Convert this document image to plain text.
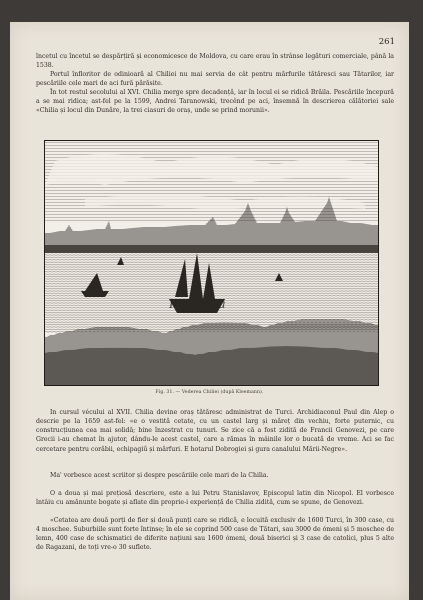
261

încetul cu încetul se despărțiră și economicesce de Moldova, cu care erau în strânse legături comerciale, până la 1538.

Portul înfloritor de odinioară al Chiliei nu mai servia de cât pentru mărfurile tătăresci sau Tătarilor, iar pescăriile cele mari de aci fură părăsite.

În tot restul secolului al XVI. Chilia merge spre decadență, iar în locul ei se ridică Brăila. Pescăriile începură a se mai ridica; ast-fel pe la 1599, Andrei Taranowski, trecênd pe aci, însemnă în descrierea călătoriei sale «Chilia și locul din Dunăre, la trei ciasuri de oraș, unde se prind morunii».

Kilianova
Fig. 31. — Vederea Chiliei (după Kleemann).

In cursul vécului al XVII. Chilia devine oraș tătăresc administrat de Turci. Archidiaconul Paul din Alep o descrie pe la 1659 ast-fel: «e o vestită cetate, cu un castel larg și măreț din vechiu, forte puternic, cu construcțiunea cea mai solidă; bine înzestrat cu tunuri. Se zice că a fost zidită de Francii Genovezi, pe care Grecii i-au chemat în ajutor, dându-le acest castel, care a rămas în mâinile lor o bucată de vreme. Aci se fac cercetare pentru corăbii, echipagiű și mărfuri. E hotarul Dobrogiei și gura canalului Mării-Negre».

Ma' vorbesce acest scriitor și despre pescăriile cele mari de la Chilia.

O a doua și mai prețiosă descriere, este a lui Petru Stanislavov, Episcopul latin din Nicopol. El vorbesce întâiu cu amănunte bogate și aflate din proprie-i experiență de Chilia zidită, cum se spune, de Genovezi.

«Cetatea are două porți de fier și două punți care se ridică, e locuită exclusiv de 1600 Turci, în 300 case, cu 4 moschee. Suburbiile sunt forte întinse; în ele se coprind 500 case de Tătari, sau 3000 de ómeni și 5 moschee de lemn, 400 case de schismatici de diferite națiuni sau 1600 ómeni, două biserici și 3 case de catolici, plus 5 alte de Ragazani, de toți vre-o 30 suflete.
